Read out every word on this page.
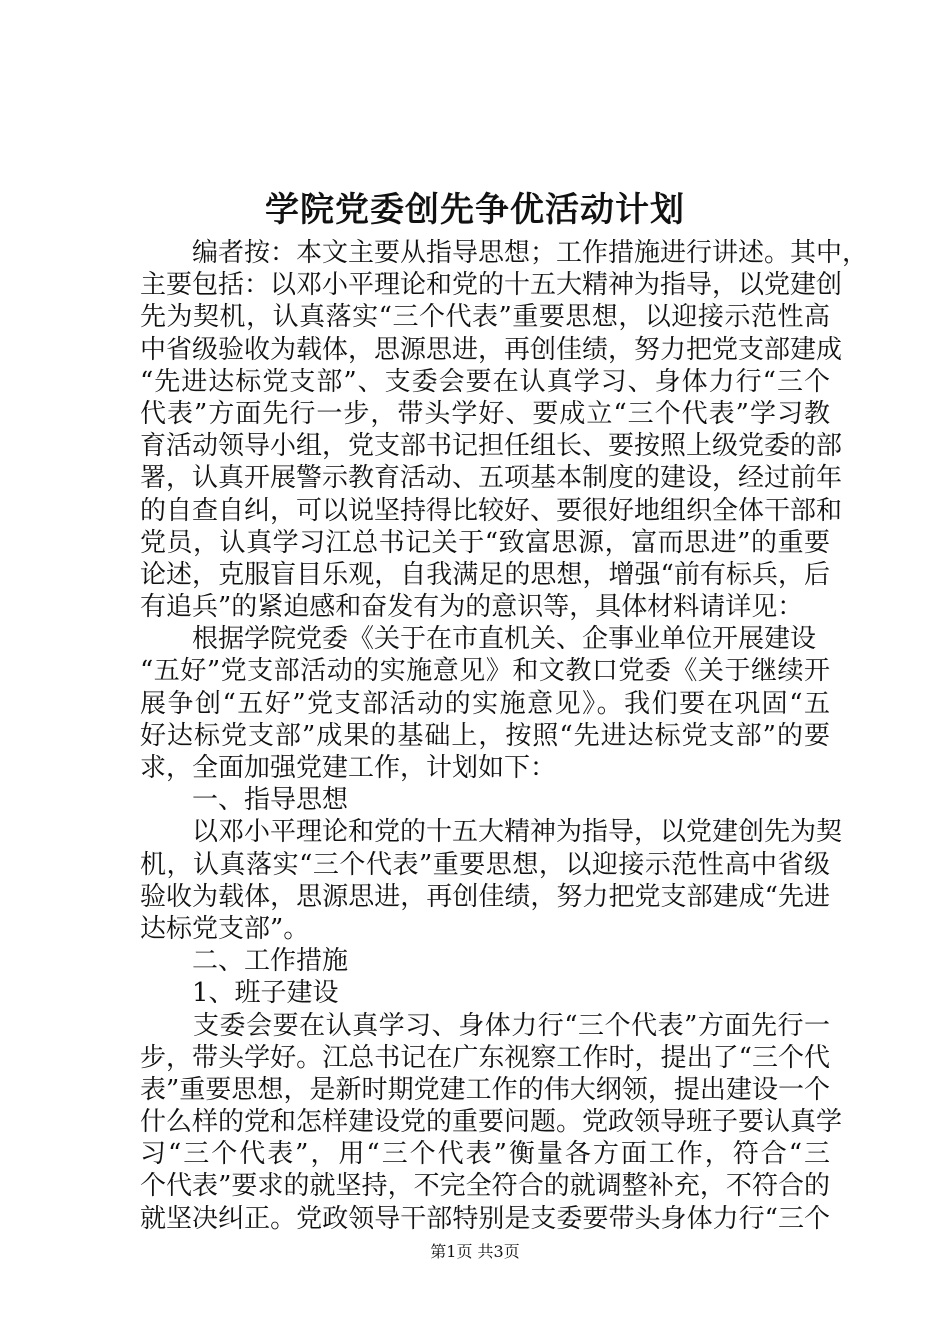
学院党委创先争优活动计划
　　编者按：本文主要从指导思想；工作措施进行讲述。其中，
主要包括：以邓小平理论和党的十五大精神为指导，以党建创
先为契机，认真落实“三个代表”重要思想，以迎接示范性高
中省级验收为载体，思源思进，再创佳绩，努力把党支部建成
“先进达标党支部”、支委会要在认真学习、身体力行“三个
代表”方面先行一步，带头学好、要成立“三个代表”学习教
育活动领导小组，党支部书记担任组长、要按照上级党委的部
署，认真开展警示教育活动、五项基本制度的建设，经过前年
的自查自纠，可以说坚持得比较好、要很好地组织全体干部和
党员，认真学习江总书记关于“致富思源，富而思进”的重要
论述，克服盲目乐观，自我满足的思想，增强“前有标兵，后
有追兵”的紧迫感和奋发有为的意识等，具体材料请详见：
　　根据学院党委《关于在市直机关、企事业单位开展建设
“五好”党支部活动的实施意见》和文教口党委《关于继续开
展争创“五好”党支部活动的实施意见》。我们要在巩固“五
好达标党支部”成果的基础上，按照“先进达标党支部”的要
求，全面加强党建工作，计划如下：
　　一、指导思想
　　以邓小平理论和党的十五大精神为指导，以党建创先为契
机，认真落实“三个代表”重要思想，以迎接示范性高中省级
验收为载体，思源思进，再创佳绩，努力把党支部建成“先进
达标党支部”。
　　二、工作措施
　　1、班子建设
　　支委会要在认真学习、身体力行“三个代表”方面先行一
步，带头学好。江总书记在广东视察工作时，提出了“三个代
表”重要思想，是新时期党建工作的伟大纲领，提出建设一个
什么样的党和怎样建设党的重要问题。党政领导班子要认真学
习“三个代表”，用“三个代表”衡量各方面工作，符合“三
个代表”要求的就坚持，不完全符合的就调整补充，不符合的
就坚决纠正。党政领导干部特别是支委要带头身体力行“三个
第1页 共3页
